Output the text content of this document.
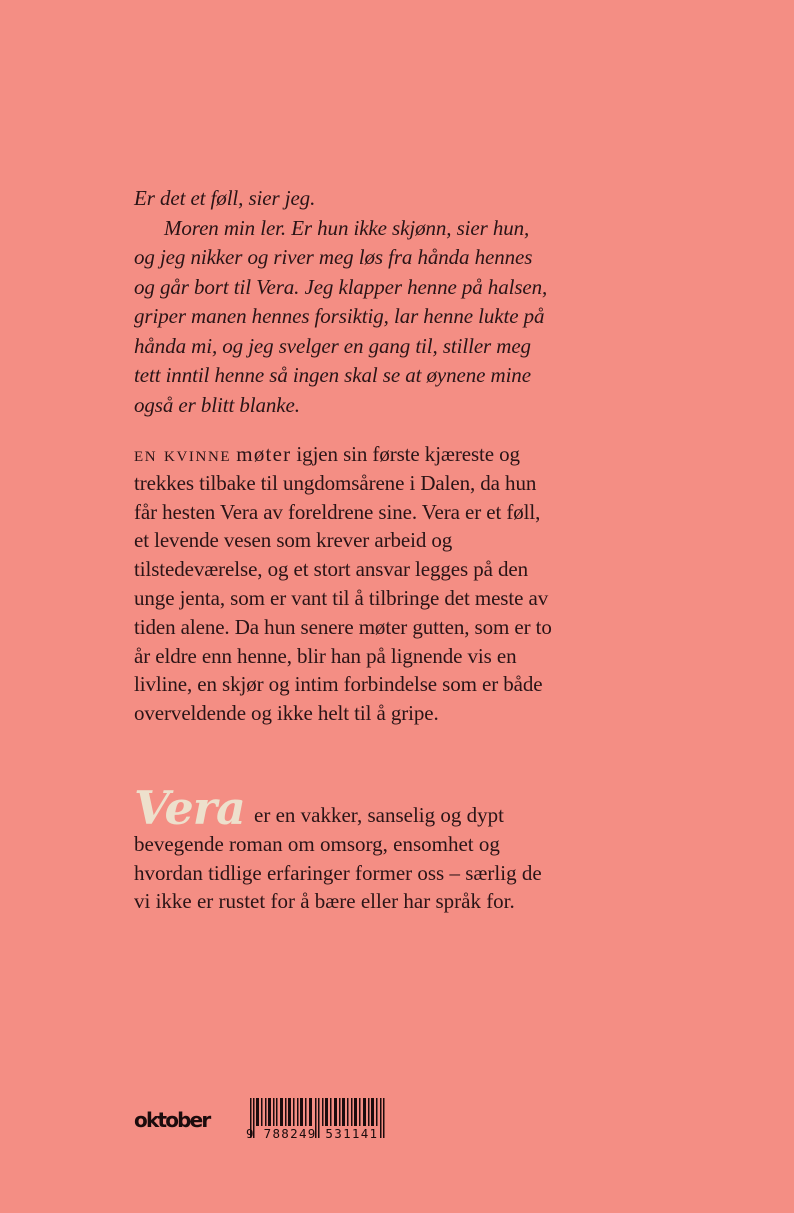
Er det et føll, sier jeg.

Moren min ler. Er hun ikke skjønn, sier hun, og jeg nikker og river meg løs fra hånda hennes og går bort til Vera. Jeg klapper henne på halsen, griper manen hennes forsiktig, lar henne lukte på hånda mi, og jeg svelger en gang til, stiller meg tett inntil henne så ingen skal se at øynene mine også er blitt blanke.

en kvinne møter igjen sin første kjæreste og trekkes tilbake til ungdomsårene i Dalen, da hun får hesten Vera av foreldrene sine. Vera er et føll, et levende vesen som krever arbeid og tilstedeværelse, og et stort ansvar legges på den unge jenta, som er vant til å tilbringe det meste av tiden alene. Da hun senere møter gutten, som er to år eldre enn henne, blir han på lignende vis en livline, en skjør og intim forbindelse som er både overveldende og ikke helt til å gripe.

Vera er en vakker, sanselig og dypt bevegende roman om omsorg, ensomhet og hvordan tidlige erfaringer former oss – særlig de vi ikke er rustet for å bære eller har språk for.

oktober
9 788249 531141
